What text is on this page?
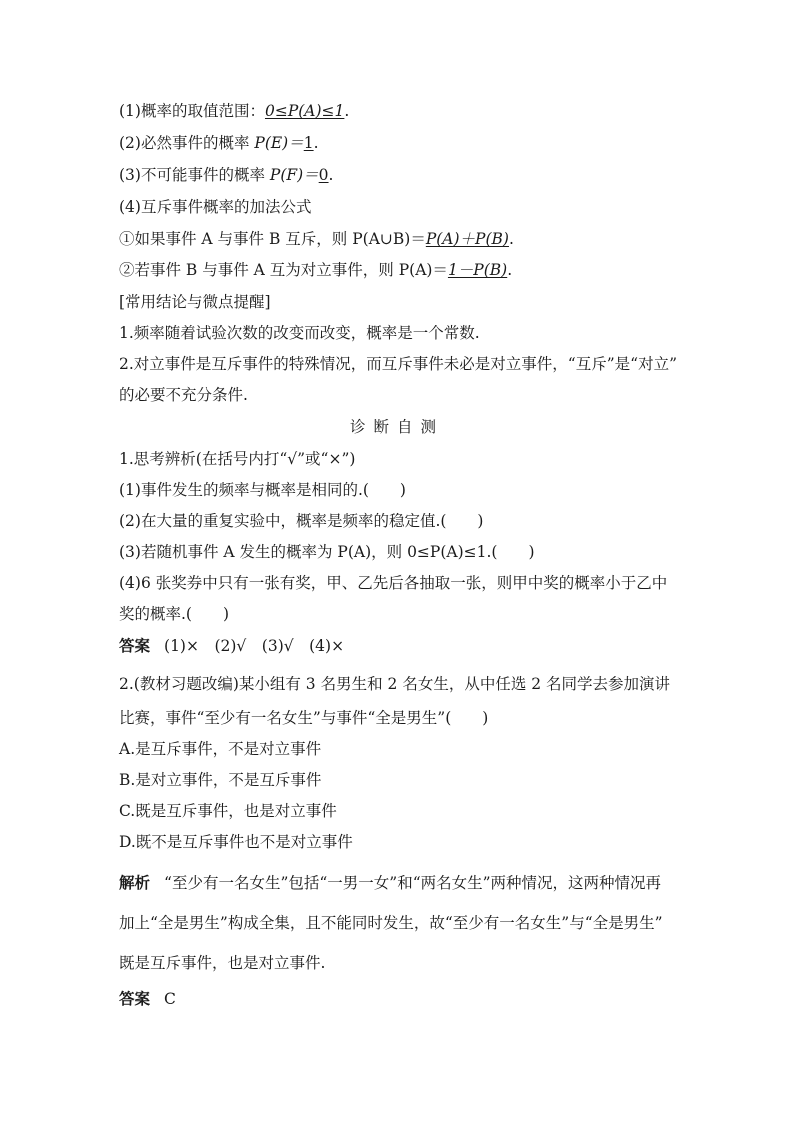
(1)概率的取值范围：0≤P(A)≤1.
(2)必然事件的概率 P(E)＝1.
(3)不可能事件的概率 P(F)＝0.
(4)互斥事件概率的加法公式
①如果事件 A 与事件 B 互斥，则 P(A∪B)＝P(A)＋P(B).
②若事件 B 与事件 A 互为对立事件，则 P(A)＝1－P(B).
[常用结论与微点提醒]
1.频率随着试验次数的改变而改变，概率是一个常数.
2.对立事件是互斥事件的特殊情况，而互斥事件未必是对立事件，“互斥”是“对立”
的必要不充分条件.
诊断自测
1.思考辨析(在括号内打“√”或“×”)
(1)事件发生的频率与概率是相同的.(　　)
(2)在大量的重复实验中，概率是频率的稳定值.(　　)
(3)若随机事件 A 发生的概率为 P(A)，则 0≤P(A)≤1.(　　)
(4)6 张奖券中只有一张有奖，甲、乙先后各抽取一张，则甲中奖的概率小于乙中
奖的概率.(　　)
答案 (1)×　(2)√　(3)√　(4)×
2.(教材习题改编)某小组有 3 名男生和 2 名女生，从中任选 2 名同学去参加演讲
比赛，事件“至少有一名女生”与事件“全是男生”(　　)
A.是互斥事件，不是对立事件
B.是对立事件，不是互斥事件
C.既是互斥事件，也是对立事件
D.既不是互斥事件也不是对立事件
解析 “至少有一名女生”包括“一男一女”和“两名女生”两种情况，这两种情况再
加上“全是男生”构成全集，且不能同时发生，故“至少有一名女生”与“全是男生”
既是互斥事件，也是对立事件.
答案 C
